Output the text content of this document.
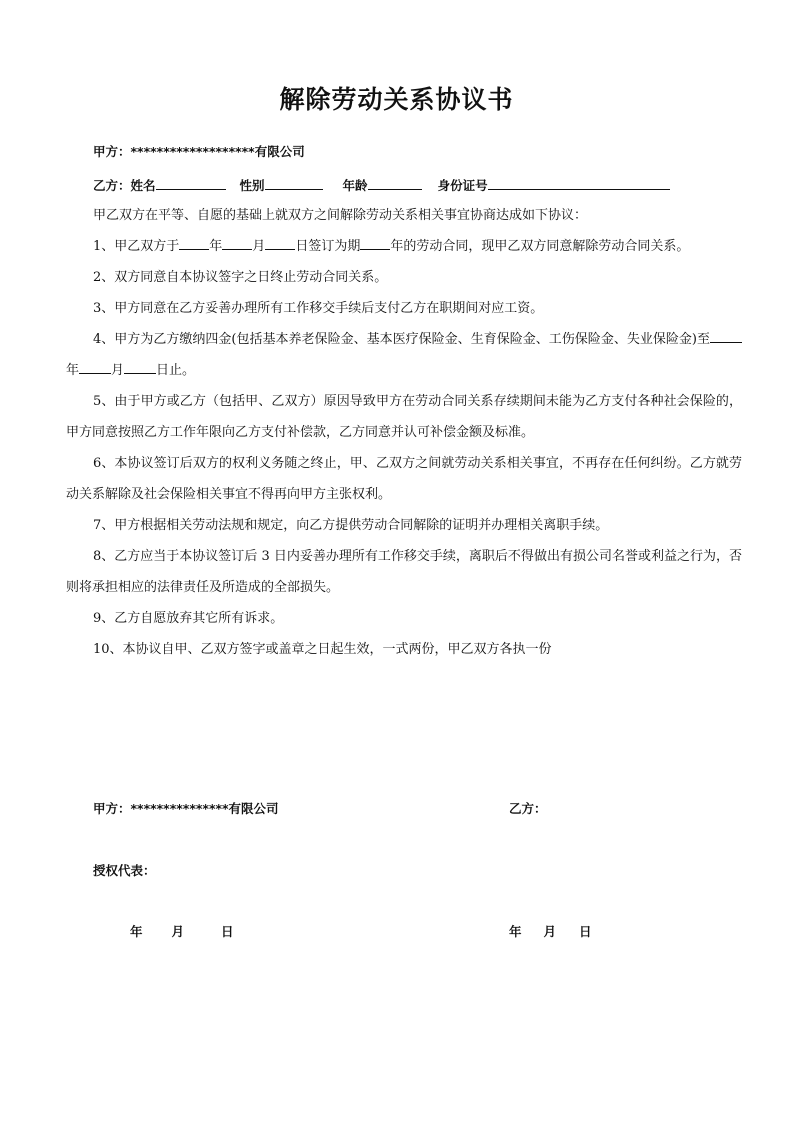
解除劳动关系协议书
甲方：*******************有限公司
乙方：姓名	性别	年龄	身份证号

甲乙双方在平等、自愿的基础上就双方之间解除劳动关系相关事宜协商达成如下协议：

1、甲乙双方于 年 月 日签订为期 年的劳动合同，现甲乙双方同意解除劳动合同关系。

2、双方同意自本协议签字之日终止劳动合同关系。

3、甲方同意在乙方妥善办理所有工作移交手续后支付乙方在职期间对应工资。

4、甲方为乙方缴纳四金(包括基本养老保险金、基本医疗保险金、生育保险金、工伤保险金、失业保险金)至年 月 日止。

5、由于甲方或乙方（包括甲、乙双方）原因导致甲方在劳动合同关系存续期间未能为乙方支付各种社会保险的，甲方同意按照乙方工作年限向乙方支付补偿款，乙方同意并认可补偿金额及标准。

6、本协议签订后双方的权利义务随之终止，甲、乙双方之间就劳动关系相关事宜，不再存在任何纠纷。乙方就劳动关系解除及社会保险相关事宜不得再向甲方主张权利。

7、甲方根据相关劳动法规和规定，向乙方提供劳动合同解除的证明并办理相关离职手续。

8、乙方应当于本协议签订后 3 日内妥善办理所有工作移交手续，离职后不得做出有损公司名誉或利益之行为，否则将承担相应的法律责任及所造成的全部损失。

9、乙方自愿放弃其它所有诉求。

10、本协议自甲、乙双方签字或盖章之日起生效，一式两份，甲乙双方各执一份

甲方：***************有限公司	乙方：
授权代表：
年 月	日	年 月 日
